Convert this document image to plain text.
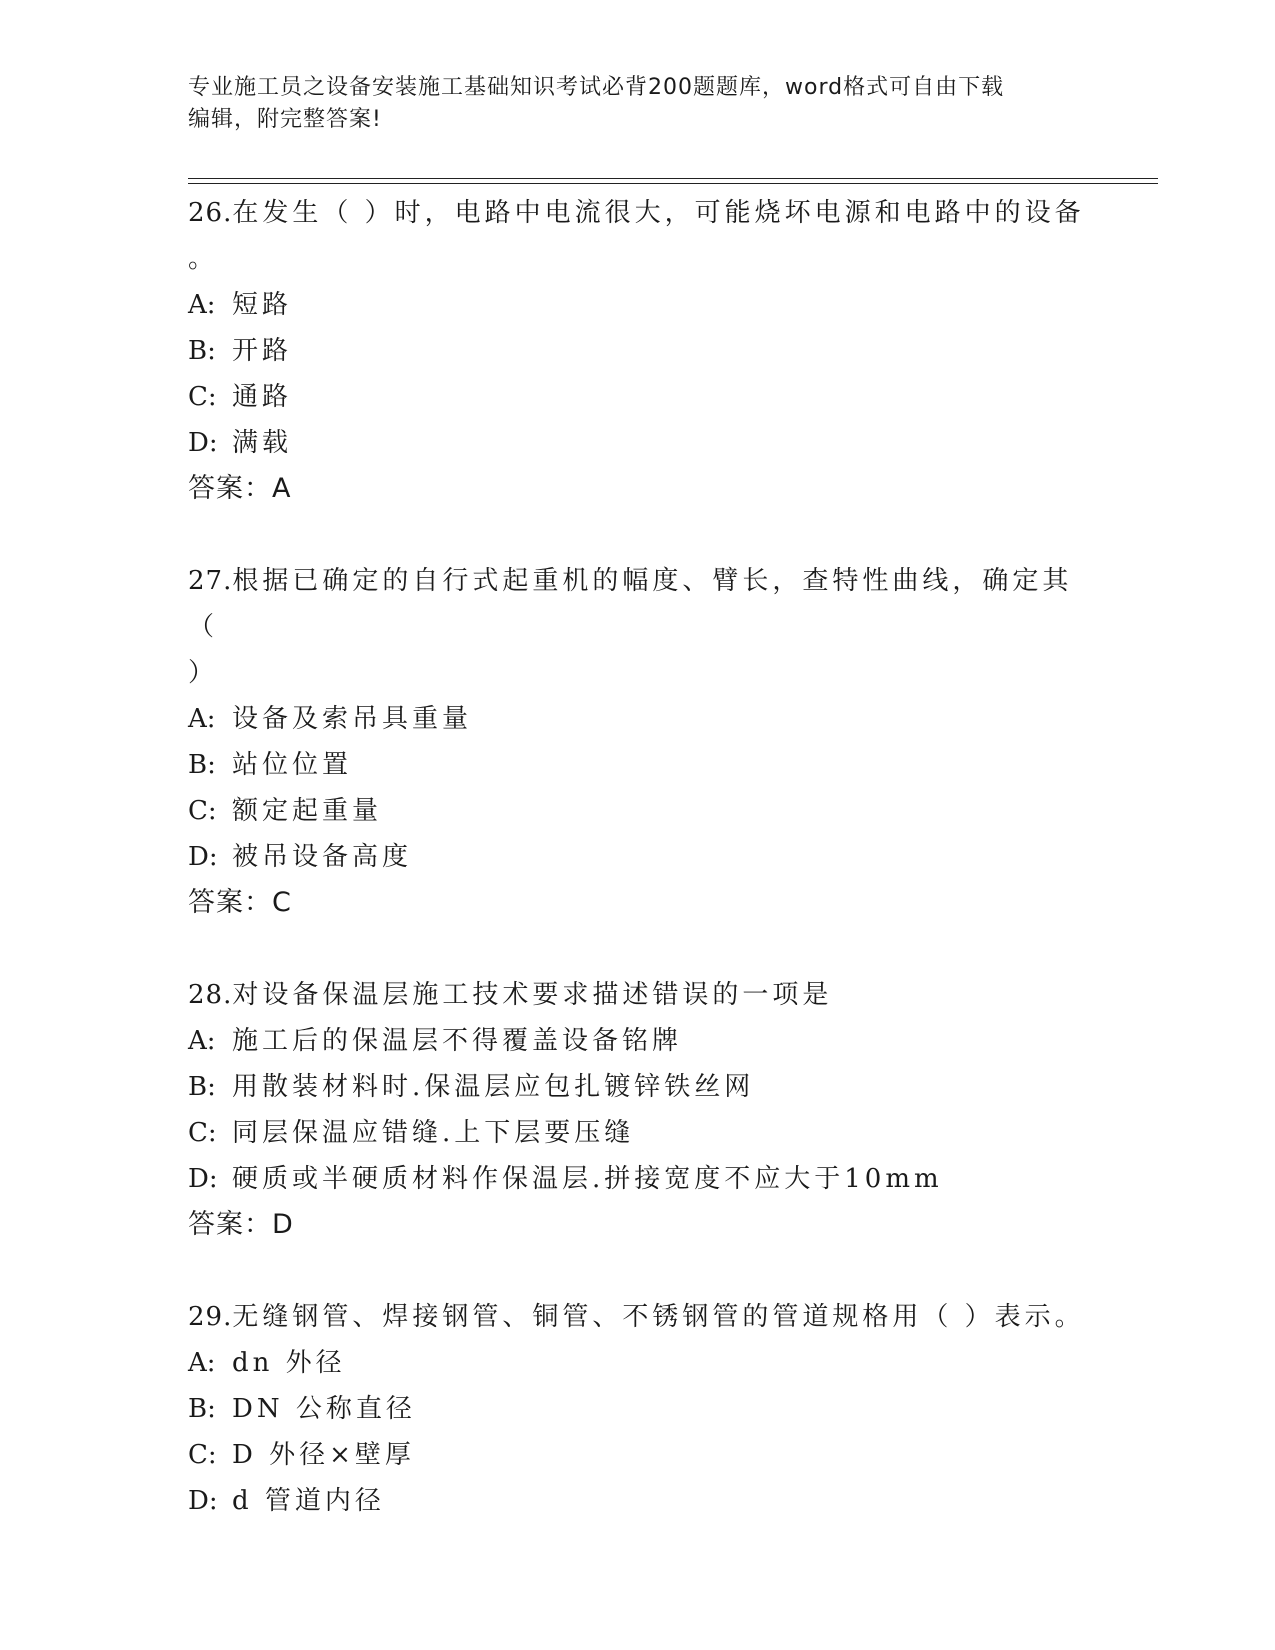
专业施工员之设备安装施工基础知识考试必背200题题库，word格式可自由下载
编辑，附完整答案!
26.在发生（ ）时，电路中电流很大，可能烧坏电源和电路中的设备
。
A: 短路
B: 开路
C: 通路
D: 满载
答案：A
27.根据已确定的自行式起重机的幅度、臂长，查特性曲线，确定其（
）
A: 设备及索吊具重量
B: 站位位置
C: 额定起重量
D: 被吊设备高度
答案：C
28.对设备保温层施工技术要求描述错误的一项是
A: 施工后的保温层不得覆盖设备铭牌
B: 用散装材料时.保温层应包扎镀锌铁丝网
C: 同层保温应错缝.上下层要压缝
D: 硬质或半硬质材料作保温层.拼接宽度不应大于10mm
答案：D
29.无缝钢管、焊接钢管、铜管、不锈钢管的管道规格用（ ）表示。
A: dn 外径
B: DN 公称直径
C: D 外径×壁厚
D: d 管道内径
